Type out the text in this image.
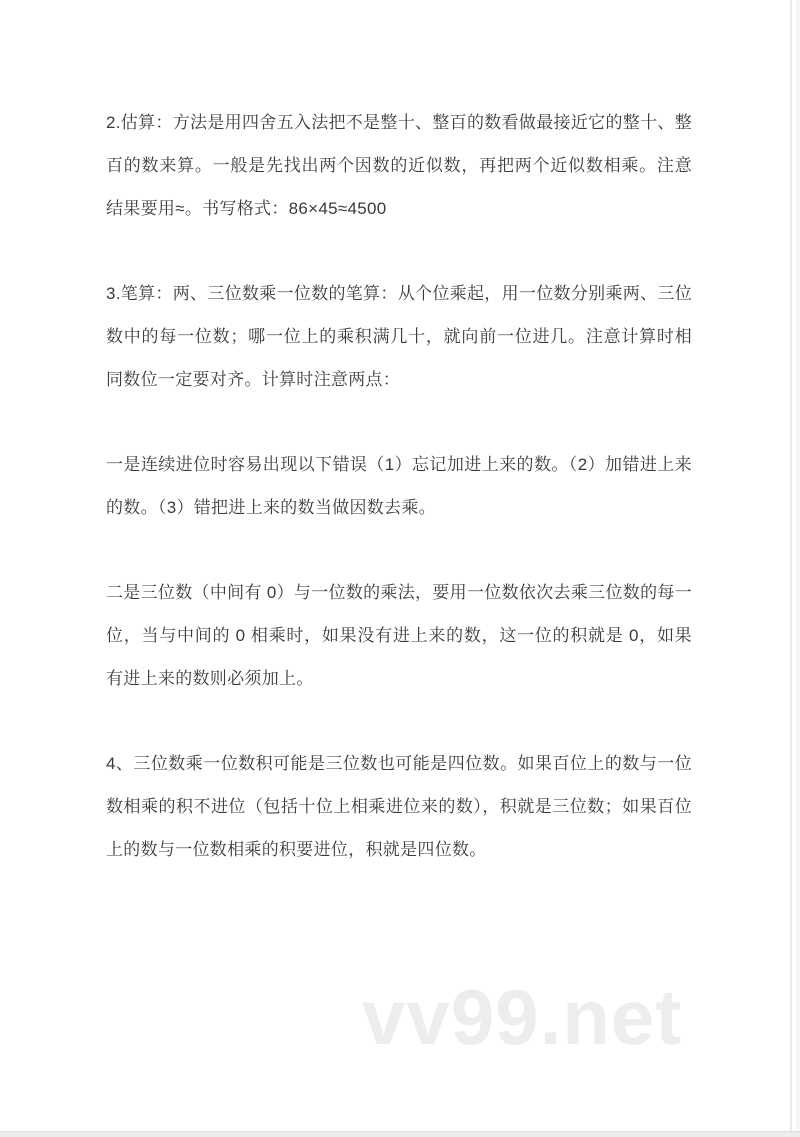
2.估算：方法是用四舍五入法把不是整十、整百的数看做最接近它的整十、整百的数来算。一般是先找出两个因数的近似数，再把两个近似数相乘。注意结果要用≈。书写格式：86×45≈4500

3.笔算：两、三位数乘一位数的笔算：从个位乘起，用一位数分别乘两、三位数中的每一位数；哪一位上的乘积满几十，就向前一位进几。注意计算时相同数位一定要对齐。计算时注意两点：

一是连续进位时容易出现以下错误（1）忘记加进上来的数。（2）加错进上来的数。（3）错把进上来的数当做因数去乘。

二是三位数（中间有 0）与一位数的乘法，要用一位数依次去乘三位数的每一位，当与中间的 0 相乘时，如果没有进上来的数，这一位的积就是 0，如果有进上来的数则必须加上。

4、三位数乘一位数积可能是三位数也可能是四位数。如果百位上的数与一位数相乘的积不进位（包括十位上相乘进位来的数），积就是三位数；如果百位上的数与一位数相乘的积要进位，积就是四位数。

vv99.net
